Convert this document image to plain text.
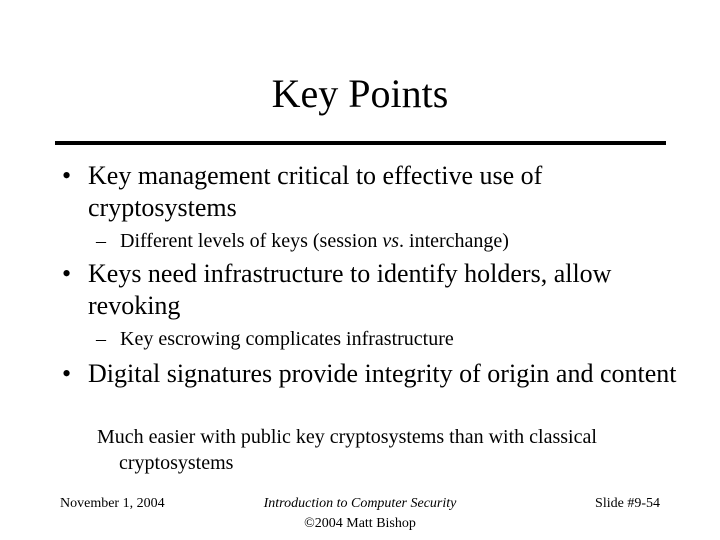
Key Points
• Key management critical to effective use of cryptosystems
– Different levels of keys (session vs. interchange)
• Keys need infrastructure to identify holders, allow revoking
– Key escrowing complicates infrastructure
• Digital signatures provide integrity of origin and content
Much easier with public key cryptosystems than with classical cryptosystems
November 1, 2004	Introduction to Computer Security
©2004 Matt Bishop
Slide #9-54
